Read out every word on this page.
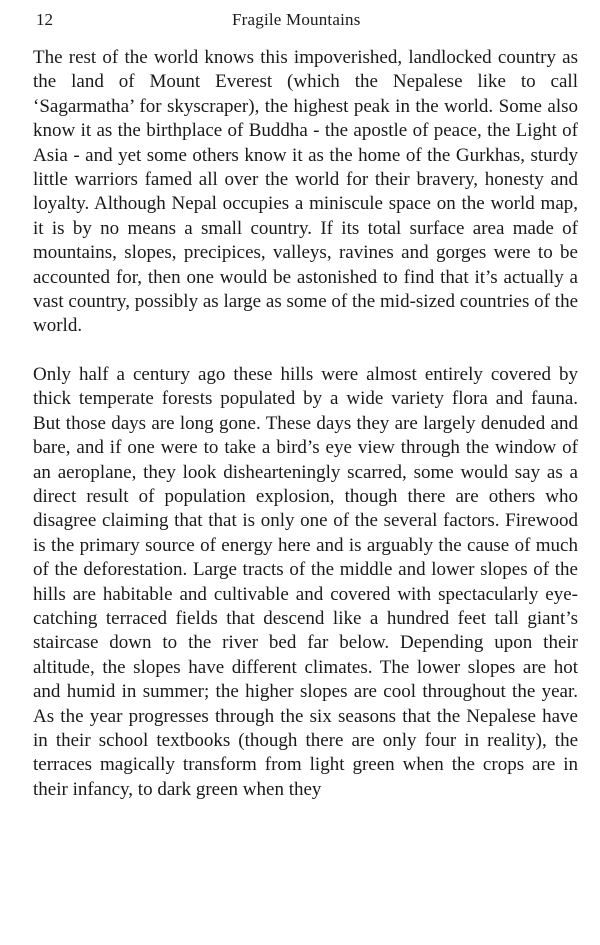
12	Fragile Mountains

The rest of the world knows this impoverished, landlocked country as the land of Mount Everest (which the Nepalese like to call ‘Sagarmatha’ for skyscraper), the highest peak in the world. Some also know it as the birthplace of Buddha - the apostle of peace, the Light of Asia - and yet some others know it as the home of the Gurkhas, sturdy little warriors famed all over the world for their bravery, honesty and loyalty. Although Nepal occupies a miniscule space on the world map, it is by no means a small country. If its total surface area made of mountains, slopes, precipices, valleys, ravines and gorges were to be accounted for, then one would be astonished to find that it’s actually a vast country, possibly as large as some of the mid-sized countries of the world.

Only half a century ago these hills were almost entirely covered by thick temperate forests populated by a wide variety flora and fauna. But those days are long gone. These days they are largely denuded and bare, and if one were to take a bird’s eye view through the window of an aeroplane, they look dishearteningly scarred, some would say as a direct result of population explosion, though there are others who disagree claiming that that is only one of the several factors. Firewood is the primary source of energy here and is arguably the cause of much of the deforestation. Large tracts of the middle and lower slopes of the hills are habitable and cultivable and covered with spectacularly eye-catching terraced fields that descend like a hundred feet tall giant’s staircase down to the river bed far below. Depending upon their altitude, the slopes have different climates. The lower slopes are hot and humid in summer; the higher slopes are cool throughout the year. As the year progresses through the six seasons that the Nepalese have in their school textbooks (though there are only four in reality), the terraces magically transform from light green when the crops are in their infancy, to dark green when they
